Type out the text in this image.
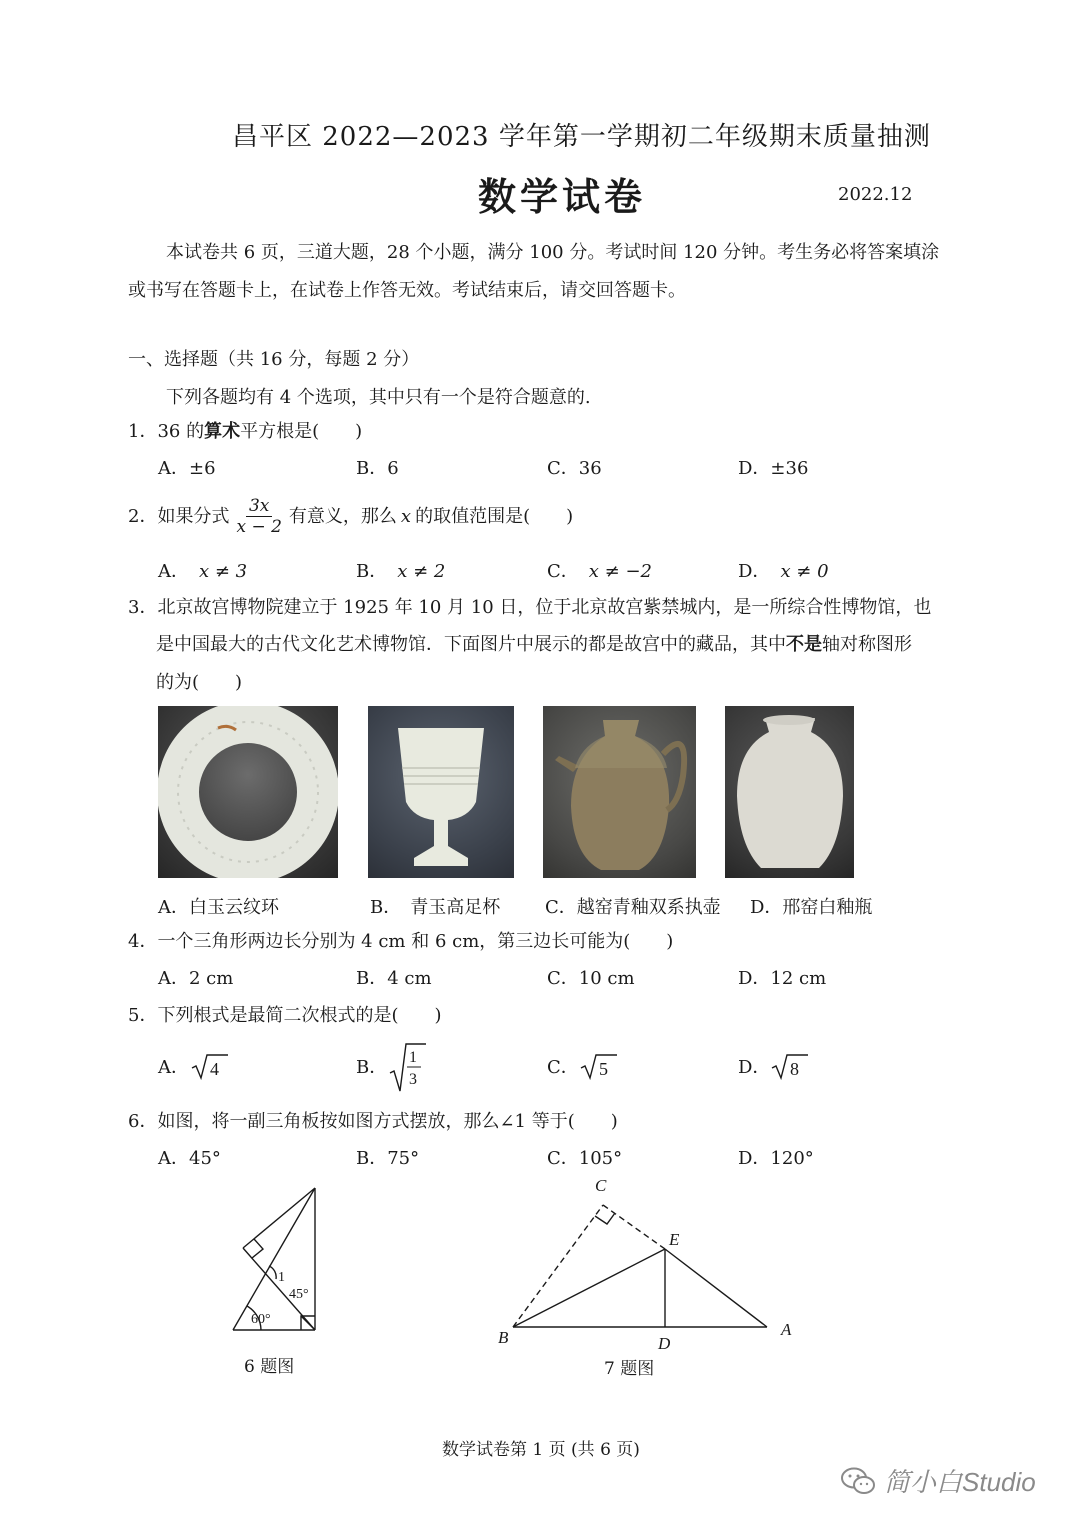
昌平区 2022—2023 学年第一学期初二年级期末质量抽测
数学试卷	2022.12
本试卷共 6 页，三道大题，28 个小题，满分 100 分。考试时间 120 分钟。考生务必将答案填涂
或书写在答题卡上，在试卷上作答无效。考试结束后，请交回答题卡。
一、选择题（共 16 分，每题 2 分）
下列各题均有 4 个选项，其中只有一个是符合题意的.
1．36 的算术平方根是(　　)
A．±6	B．6	C．36	D．±36
2．如果分式 $\frac{3x}{x - 2}$ 有意义，那么 x 的取值范围是(　　)
A． x ≠ 3	B． x ≠ 2	C． x ≠ −2	D． x ≠ 0
3．北京故宫博物院建立于 1925 年 10 月 10 日，位于北京故宫紫禁城内，是一所综合性博物馆，也
是中国最大的古代文化艺术博物馆．下面图片中展示的都是故宫中的藏品，其中不是轴对称图形
的为(　　)
A．白玉云纹环	B．　青玉高足杯 C．越窑青釉双系执壶 D．邢窑白釉瓶
4．一个三角形两边长分别为 4 cm 和 6 cm，第三边长可能为(　　)
A．2 cm	B．4 cm	C．10 cm	D．12 cm
5．下列根式是最简二次根式的是(　　)
A． 4	B． 1
3
C． 5	D． 8
6．如图，将一副三角板按如图方式摆放，那么∠1 等于(　　)
A．45°	B．75°	C．105°	D．120°
1
45°
60°
6 题图
C
E
B	D
A
7 题图
数学试卷第 1 页 (共 6 页)
简小白Studio
